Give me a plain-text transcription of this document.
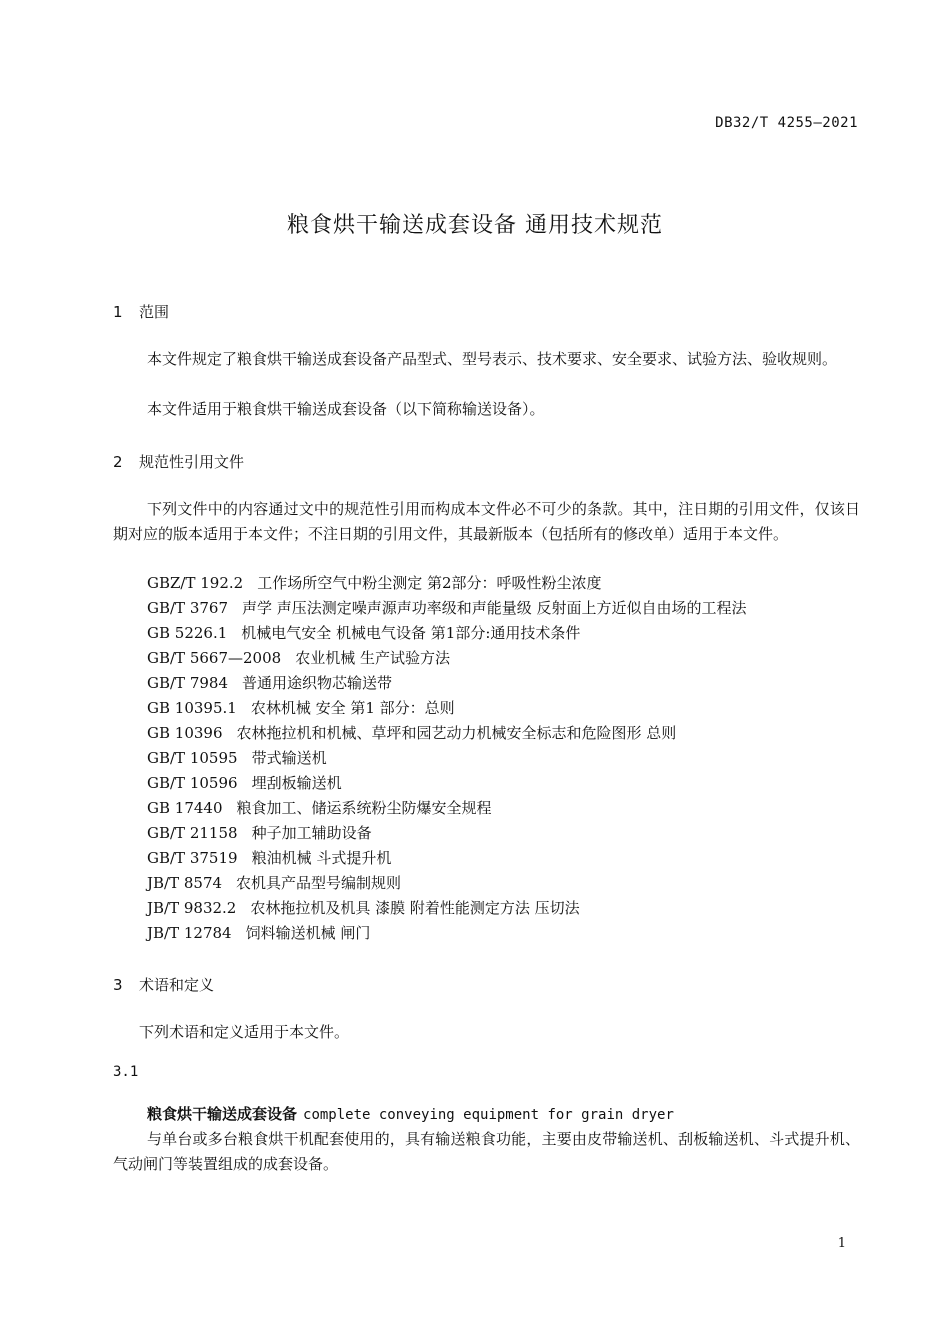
DB32/T 4255—2021
粮食烘干输送成套设备 通用技术规范
1 范围

本文件规定了粮食烘干输送成套设备产品型式、型号表示、技术要求、安全要求、试验方法、验收规则。

本文件适用于粮食烘干输送成套设备（以下简称输送设备）。

2 规范性引用文件

下列文件中的内容通过文中的规范性引用而构成本文件必不可少的条款。其中，注日期的引用文件，仅该日期对应的版本适用于本文件；不注日期的引用文件，其最新版本（包括所有的修改单）适用于本文件。

GBZ/T 192.2 工作场所空气中粉尘测定 第2部分：呼吸性粉尘浓度
GB/T 3767 声学 声压法测定噪声源声功率级和声能量级 反射面上方近似自由场的工程法
GB 5226.1 机械电气安全 机械电气设备 第1部分:通用技术条件
GB/T 5667—2008 农业机械 生产试验方法
GB/T 7984 普通用途织物芯输送带
GB 10395.1 农林机械 安全 第1 部分：总则
GB 10396 农林拖拉机和机械、草坪和园艺动力机械安全标志和危险图形 总则
GB/T 10595 带式输送机
GB/T 10596 埋刮板输送机
GB 17440 粮食加工、储运系统粉尘防爆安全规程
GB/T 21158 种子加工辅助设备
GB/T 37519 粮油机械 斗式提升机
JB/T 8574 农机具产品型号编制规则
JB/T 9832.2 农林拖拉机及机具 漆膜 附着性能测定方法 压切法
JB/T 12784 饲料输送机械 闸门
3 术语和定义

下列术语和定义适用于本文件。

3.1
粮食烘干输送成套设备 complete conveying equipment for grain dryer

与单台或多台粮食烘干机配套使用的，具有输送粮食功能，主要由皮带输送机、刮板输送机、斗式提升机、气动闸门等装置组成的成套设备。

1
